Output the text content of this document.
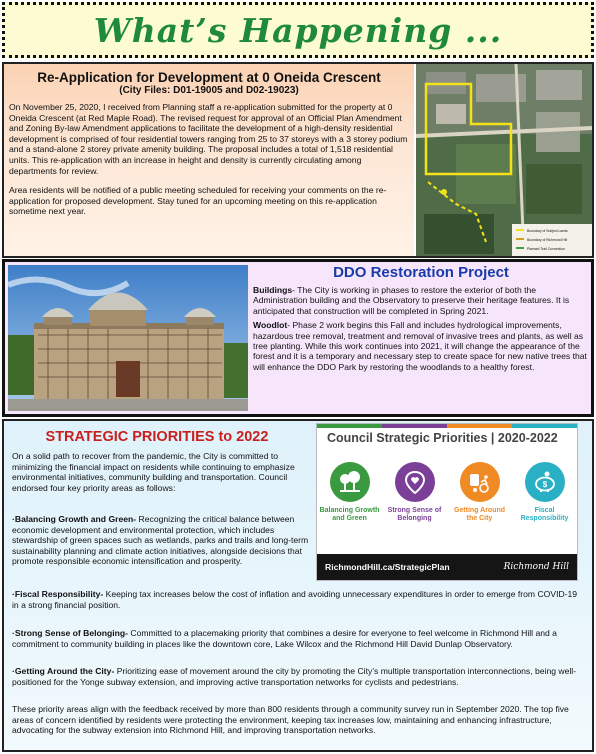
What’s Happening ...
Re-Application for Development at 0 Oneida Crescent
(City Files: D01-19005 and D02-19023)

On November 25, 2020, I received from Planning staff a re-application submitted for the property at 0 Oneida Crescent (at Red Maple Road). The revised request for approval of an Official Plan Amendment and Zoning By-law Amendment applications to facilitate the development of a high-density residential development is comprised of four residential towers ranging from 25 to 37 storeys with a 3 storey podium and a stand-alone 2 storey private amenity building. The proposal includes a total of 1,518 residential units. This re-application with an increase in height and density is currently circulating among departments for review.

Area residents will be notified of a public meeting scheduled for receiving your comments on the re-application for proposed development. Stay tuned for an upcoming meeting on this re-application sometime next year.

Boundary of Subject Lands
Boundary of Richmond Hill
Planned Trail Connection
DDO Restoration Project

Buildings- The City is working in phases to restore the exterior of both the Administration building and the Observatory to preserve their heritage features. It is anticipated that construction will be completed in Spring 2021.

Woodlot- Phase 2 work begins this Fall and includes hydrological improvements, hazardous tree removal, treatment and removal of invasive trees and plants, as well as tree planting. While this work continues into 2021, it will change the appearance of the forest and it is a temporary and necessary step to create space for new native trees that will enhance the DDO Park by restoring the woodlands to a healthy forest.

STRATEGIC PRIORITIES to 2022

On a solid path to recover from the pandemic, the City is committed to minimizing the financial impact on residents while continuing to emphasize environmental initiatives, community building and transportation. Council endorsed four key priority areas as follows:

·Balancing Growth and Green- Recognizing the critical balance between economic development and environmental protection, which includes stewardship of green spaces such as wetlands, parks and trails and long-term sustainability planning and climate action initiatives, alongside decisions that promote responsible economic intensification and prosperity.

Council Strategic Priorities | 2020-2022
Balancing Growth and Green
Strong Sense of Belonging
Getting Around the City
$
Fiscal Responsibility
RichmondHill.ca/StrategicPlan	Richmond Hill

·Fiscal Responsibility- Keeping tax increases below the cost of inflation and avoiding unnecessary expenditures in order to emerge from COVID-19 in a strong financial position.

·Strong Sense of Belonging- Committed to a placemaking priority that combines a desire for everyone to feel welcome in Richmond Hill and a commitment to community building in places like the downtown core, Lake Wilcox and the Richmond Hill David Dunlap Observatory.

·Getting Around the City- Prioritizing ease of movement around the city by promoting the City’s multiple transportation interconnections, being well-positioned for the Yonge subway extension, and improving active transportation networks for cyclists and pedestrians.

These priority areas align with the feedback received by more than 800 residents through a community survey run in September 2020. The top five areas of concern identified by residents were protecting the environment, keeping tax increases low, maintaining and enhancing infrastructure, advocating for the subway extension into Richmond Hill, and improving transportation networks.
